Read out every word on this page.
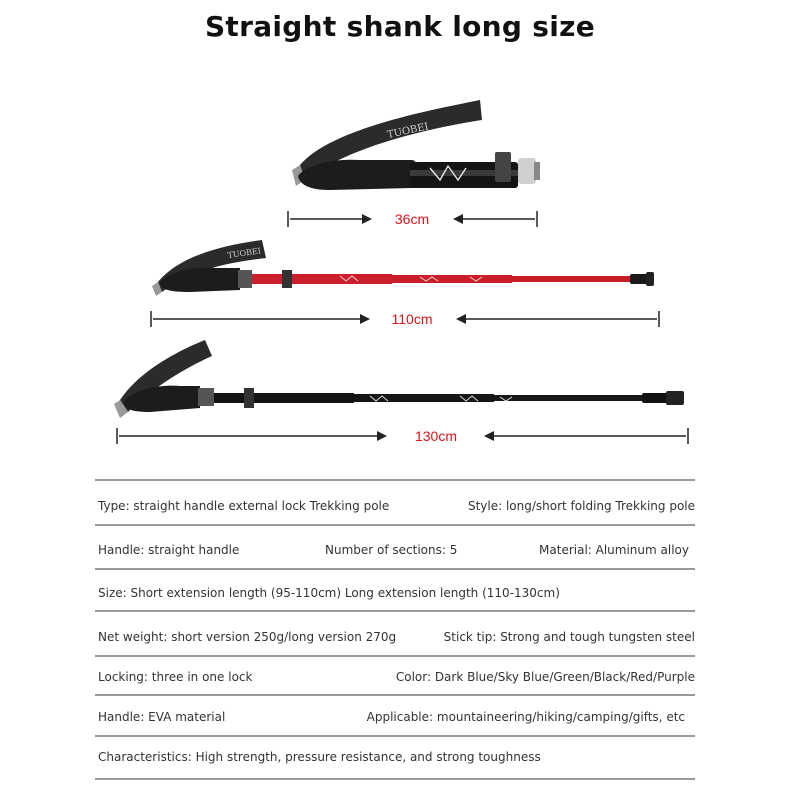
Straight shank long size
TUOBEI
36cm
TUOBEI
110cm
130cm
Type: straight handle external lock Trekking pole	Style: long/short folding Trekking pole
Handle: straight handle	Number of sections: 5	Material: Aluminum alloy
Size: Short extension length (95-110cm) Long extension length (110-130cm)
Net weight: short version 250g/long version 270g	Stick tip: Strong and tough tungsten steel
Locking: three in one lock	Color: Dark Blue/Sky Blue/Green/Black/Red/Purple
Handle: EVA material	Applicable: mountaineering/hiking/camping/gifts, etc
Characteristics: High strength, pressure resistance, and strong toughness
